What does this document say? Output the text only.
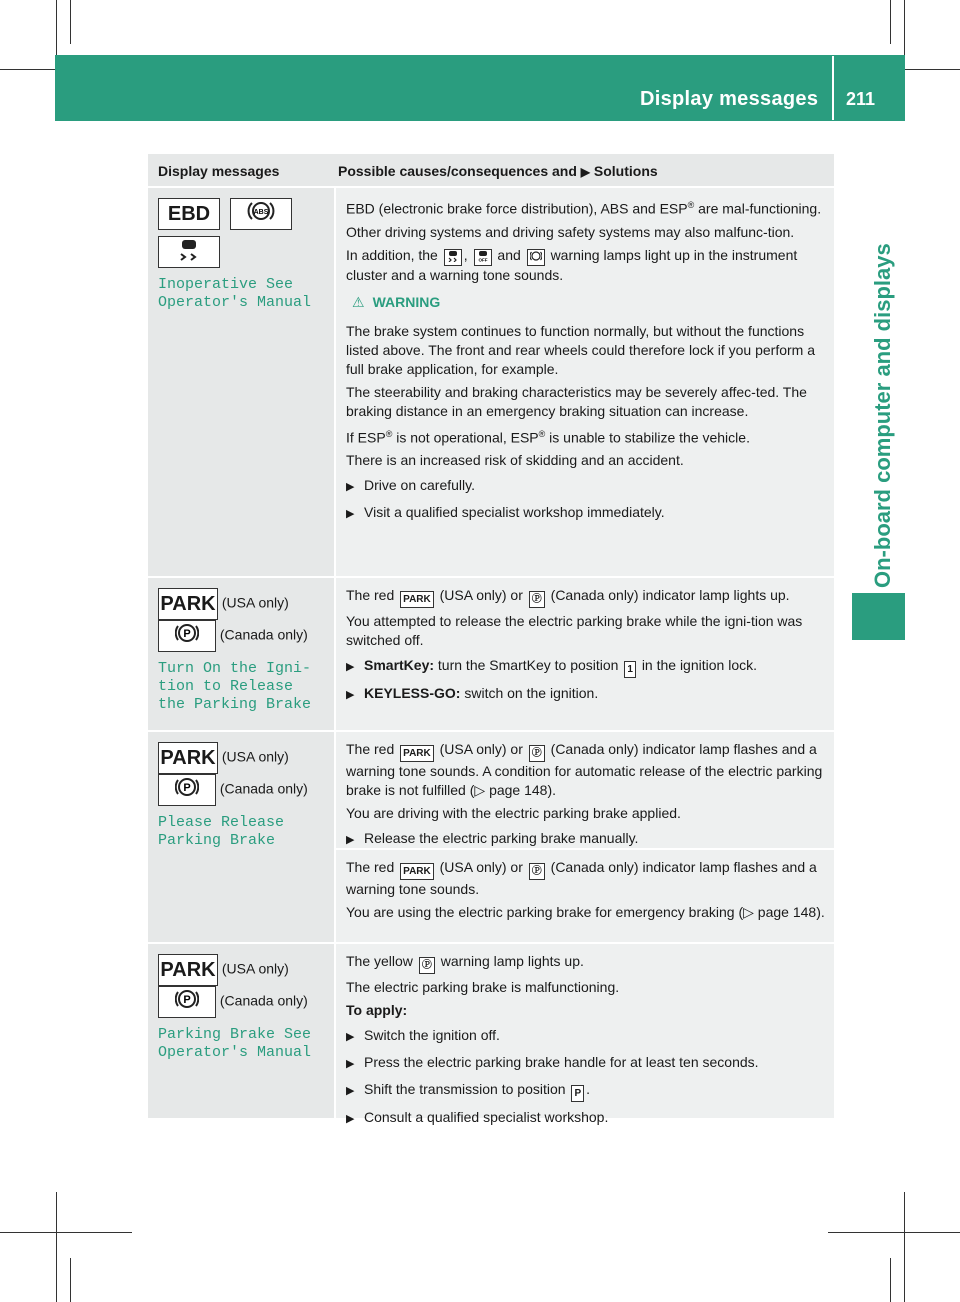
Display messages 211
On-board computer and displays
Display messages	Possible causes/consequences and ▶ Solutions
EBD	ABS
Inoperative See Operator's Manual

EBD (electronic brake force distribution), ABS and ESP® are mal-functioning.

Other driving systems and driving safety systems may also malfunc-tion.

In addition, the , OFF and warning lamps light up in the instrument cluster and a warning tone sounds.

⚠ WARNING

The brake system continues to function normally, but without the functions listed above. The front and rear wheels could therefore lock if you perform a full brake application, for example.

The steerability and braking characteristics may be severely affec-ted. The braking distance in an emergency braking situation can increase.

If ESP® is not operational, ESP® is unable to stabilize the vehicle.

There is an increased risk of skidding and an accident.

▶ Drive on carefully.
▶ Visit a qualified specialist workshop immediately.
PARK (USA only)
P (Canada only)
Turn On the Igni‐ tion to Release the Parking Brake

The red PARK (USA only) or Ⓟ (Canada only) indicator lamp lights up.

You attempted to release the electric parking brake while the igni-tion was switched off.

▶ SmartKey: turn the SmartKey to position 1 in the ignition lock.
▶ KEYLESS-GO: switch on the ignition.
PARK (USA only)
P (Canada only)
Please Release Parking Brake

The red PARK (USA only) or Ⓟ (Canada only) indicator lamp flashes and a warning tone sounds. A condition for automatic release of the electric parking brake is not fulfilled (▷ page 148).

You are driving with the electric parking brake applied.

▶ Release the electric parking brake manually.

The red PARK (USA only) or Ⓟ (Canada only) indicator lamp flashes and a warning tone sounds.

You are using the electric parking brake for emergency braking (▷ page 148).

PARK (USA only)
P (Canada only)
Parking Brake See Operator's Manual

The yellow Ⓟ warning lamp lights up.

The electric parking brake is malfunctioning.

To apply:

▶ Switch the ignition off.
▶ Press the electric parking brake handle for at least ten seconds.
▶ Shift the transmission to position P .
▶ Consult a qualified specialist workshop.
